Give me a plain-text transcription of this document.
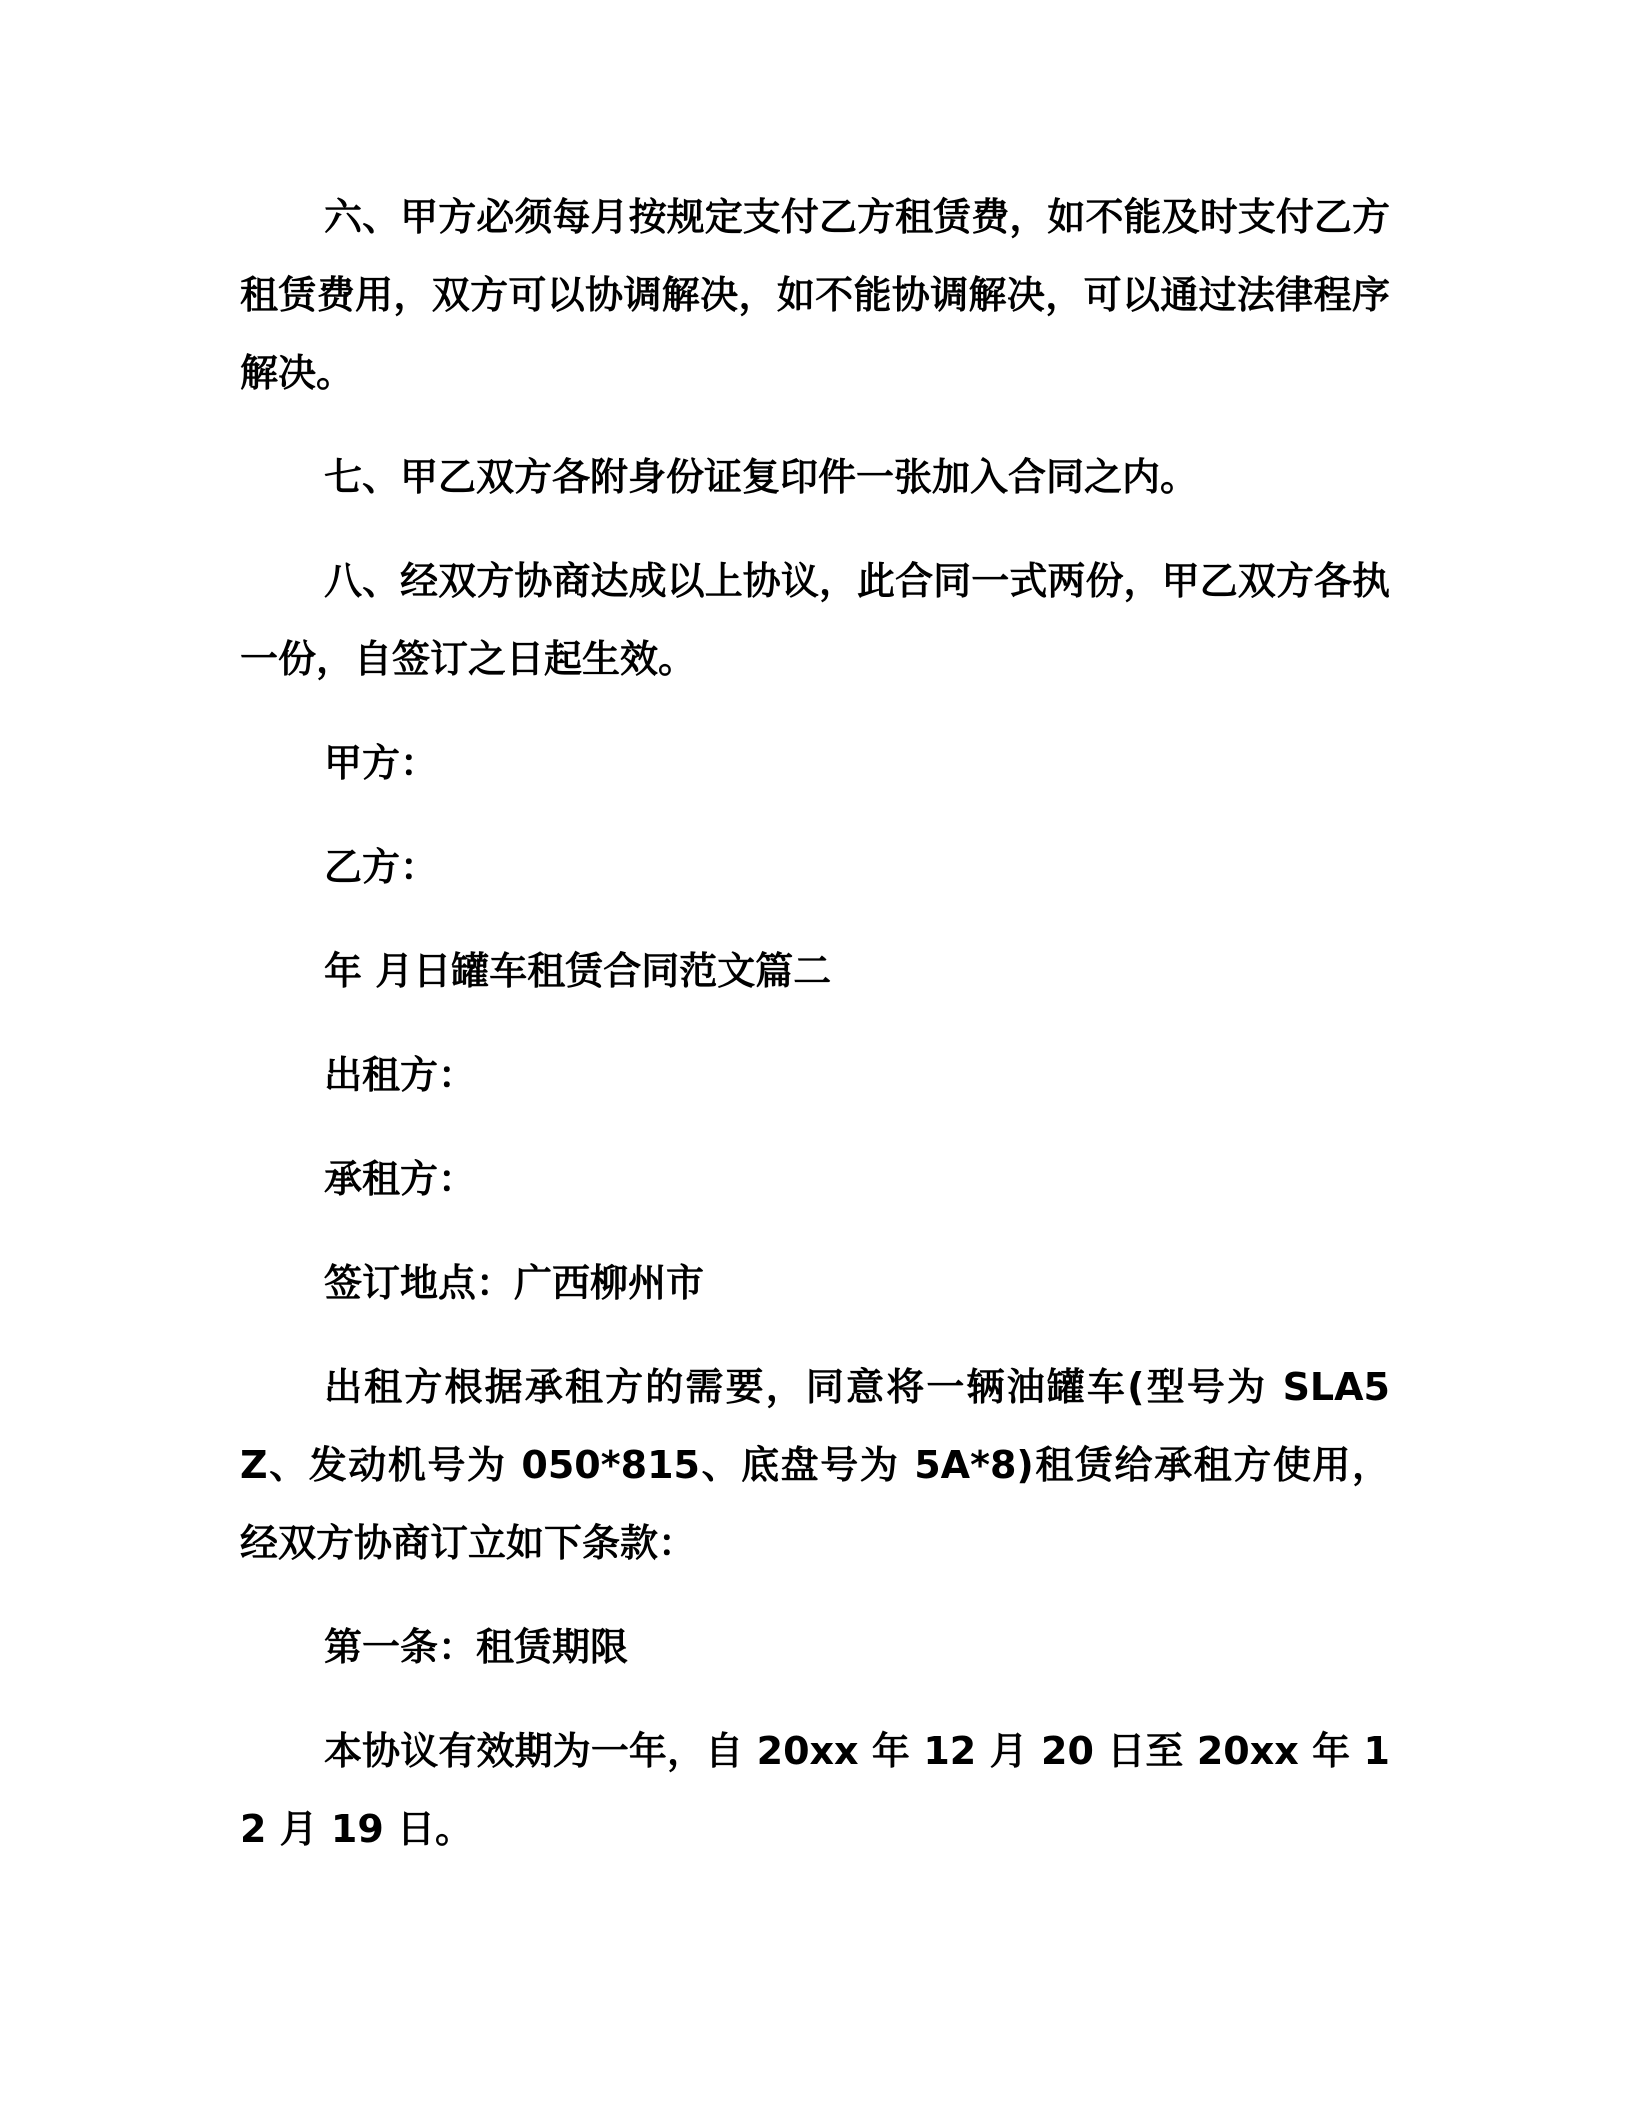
六、甲方必须每月按规定支付乙方租赁费，如不能及时支付乙方租赁费用，双方可以协调解决，如不能协调解决，可以通过法律程序解决。

七、甲乙双方各附身份证复印件一张加入合同之内。

八、经双方协商达成以上协议，此合同一式两份，甲乙双方各执一份，自签订之日起生效。

甲方：

乙方：

年 月日罐车租赁合同范文篇二

出租方：

承租方：

签订地点：广西柳州市

出租方根据承租方的需要，同意将一辆油罐车(型号为 SLA5Z、发动机号为 050*815、底盘号为 5A*8)租赁给承租方使用，经双方协商订立如下条款：

第一条：租赁期限

本协议有效期为一年，自 20xx 年 12 月 20 日至 20xx 年 12 月 19 日。
